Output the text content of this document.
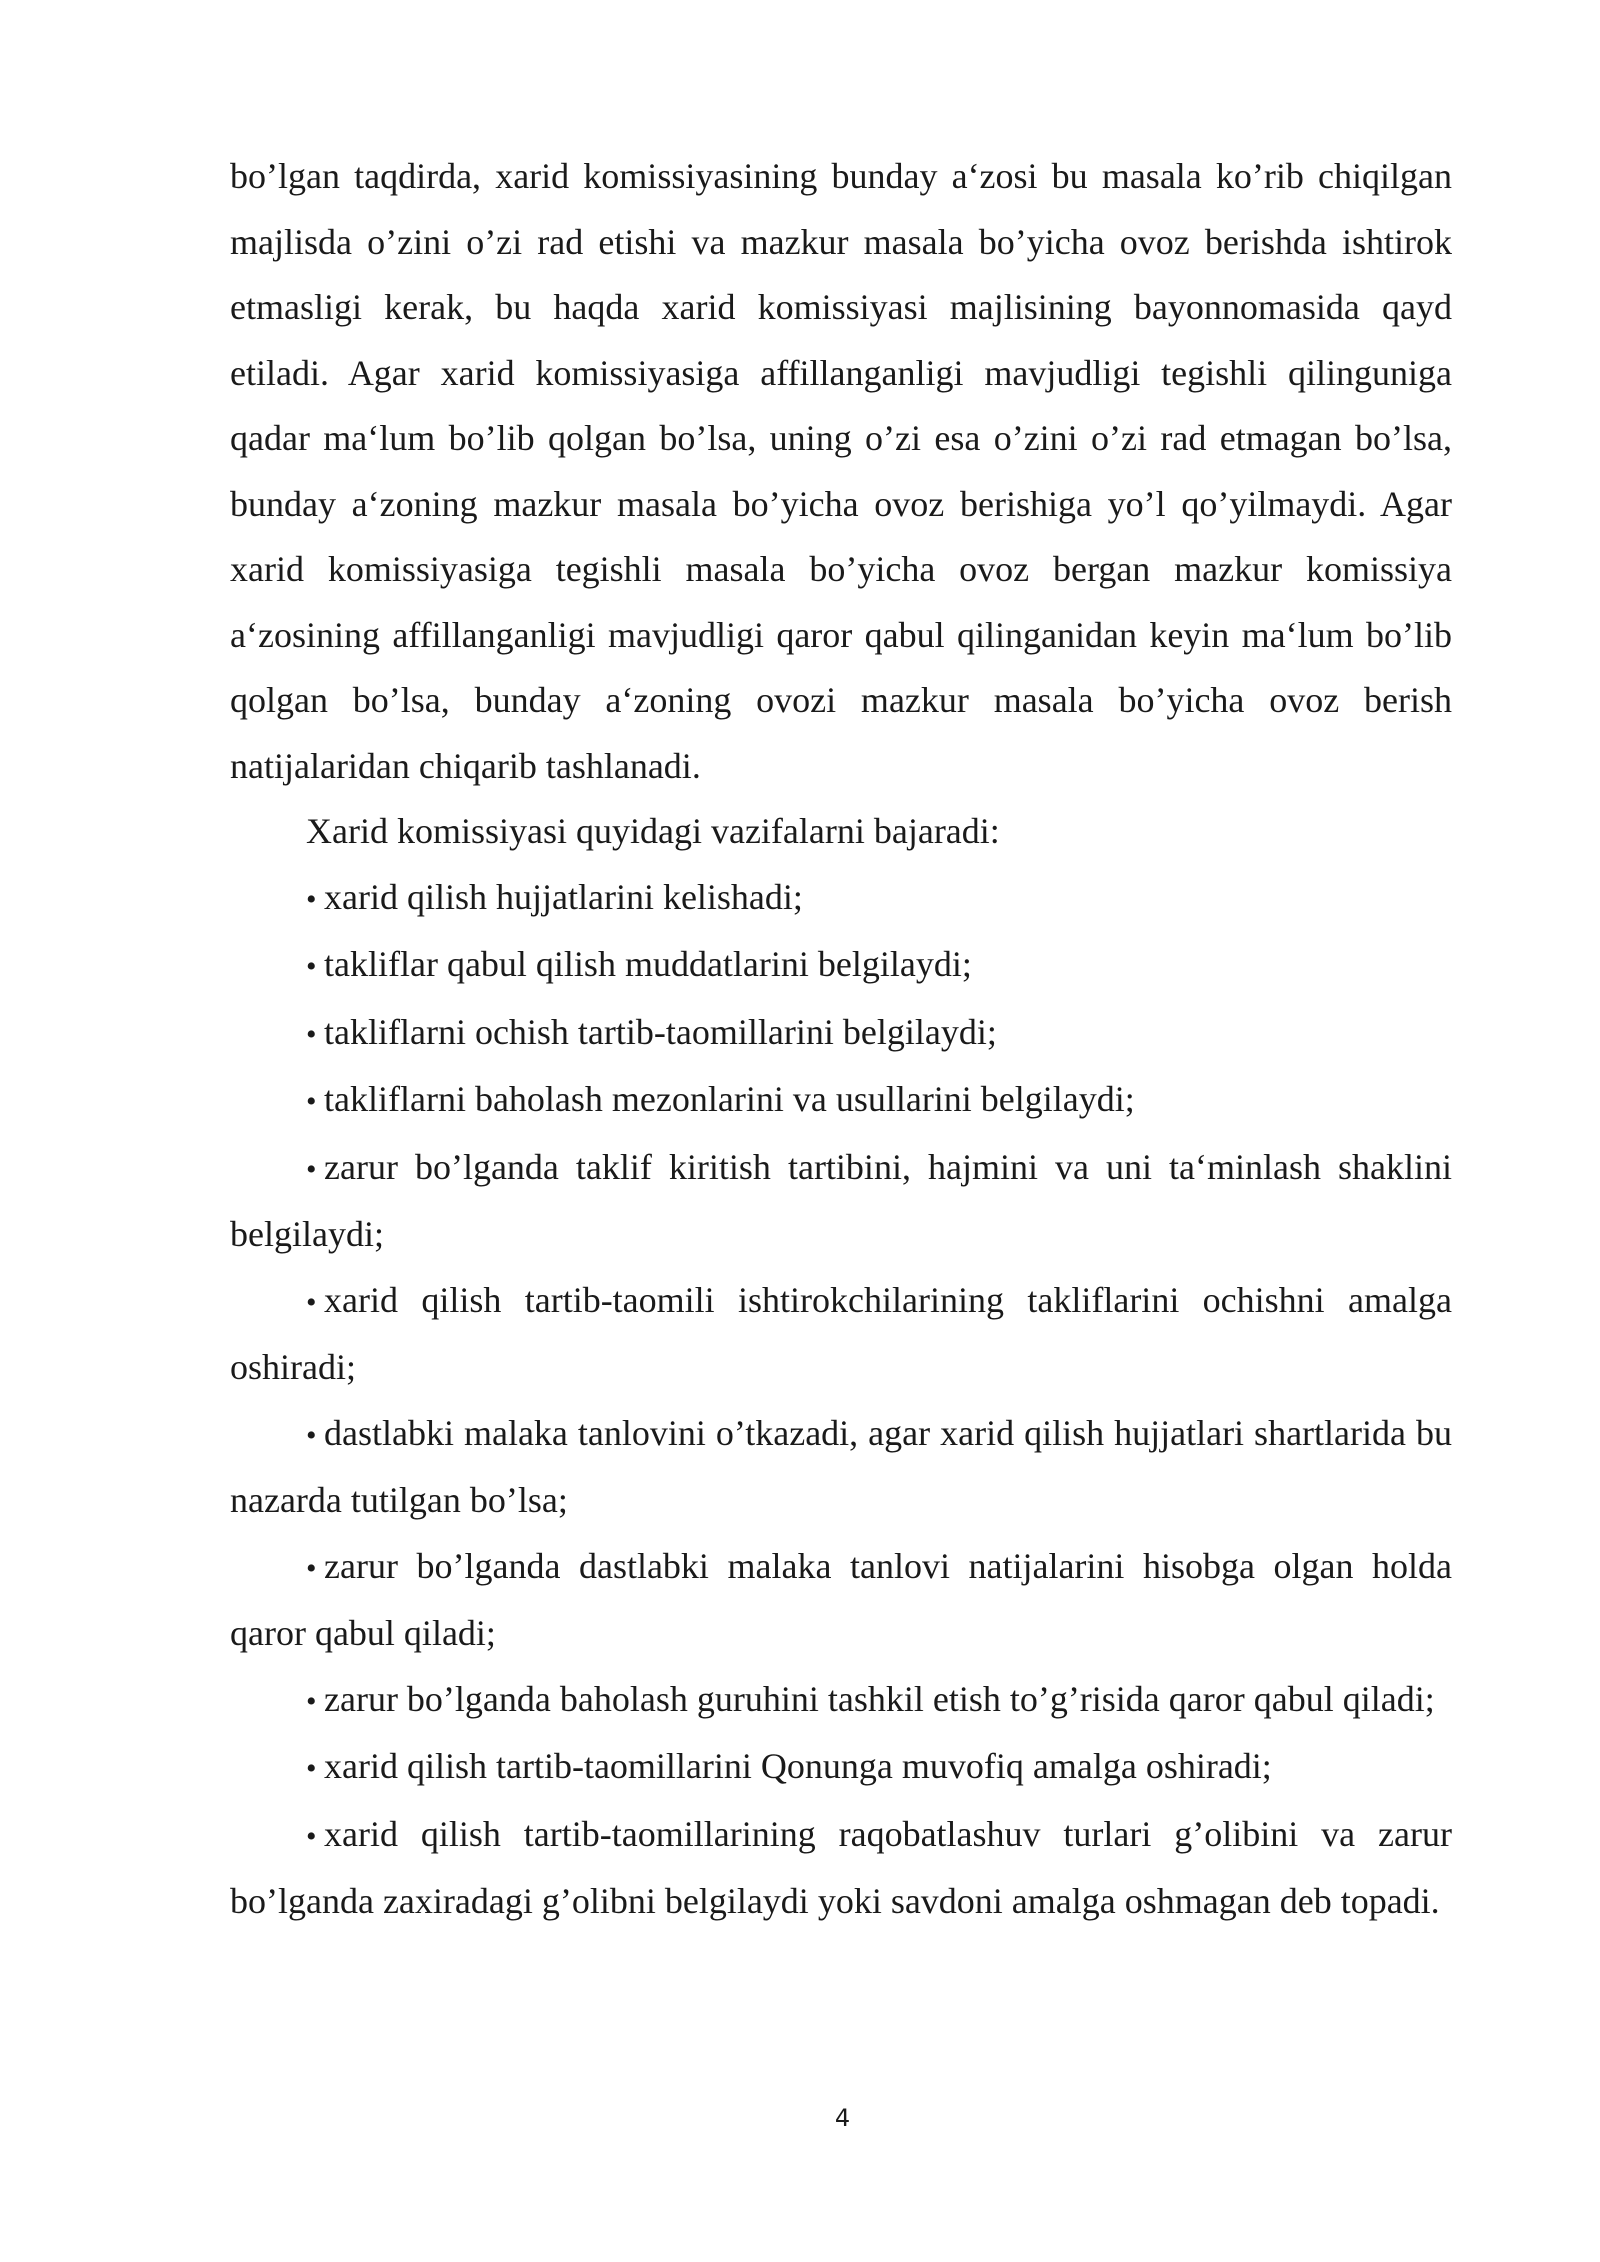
bo’lgan taqdirda, xarid komissiyasining bunday a‘zosi bu masala ko’rib chiqilgan majlisda o’zini o’zi rad etishi va mazkur masala bo’yicha ovoz berishda ishtirok etmasligi kerak, bu haqda xarid komissiyasi majlisining bayonnomasida qayd etiladi. Agar xarid komissiyasiga affillanganligi mavjudligi tegishli qilinguniga qadar ma‘lum bo’lib qolgan bo’lsa, uning o’zi esa o’zini o’zi rad etmagan bo’lsa, bunday a‘zoning mazkur masala bo’yicha ovoz berishiga yo’l qo’yilmaydi. Agar xarid komissiyasiga tegishli masala bo’yicha ovoz bergan mazkur komissiya a‘zosining affillanganligi mavjudligi qaror qabul qilinganidan keyin ma‘lum bo’lib qolgan bo’lsa, bunday a‘zoning ovozi mazkur masala bo’yicha ovoz berish natijalaridan chiqarib tashlanadi.

Xarid komissiyasi quyidagi vazifalarni bajaradi:

• xarid qilish hujjatlarini kelishadi;

• takliflar qabul qilish muddatlarini belgilaydi;

• takliflarni ochish tartib-taomillarini belgilaydi;

• takliflarni baholash mezonlarini va usullarini belgilaydi;

• zarur bo’lganda taklif kiritish tartibini, hajmini va uni ta‘minlash shaklini belgilaydi;

• xarid qilish tartib-taomili ishtirokchilarining takliflarini ochishni amalga oshiradi;

• dastlabki malaka tanlovini o’tkazadi, agar xarid qilish hujjatlari shartlarida bu nazarda tutilgan bo’lsa;

• zarur bo’lganda dastlabki malaka tanlovi natijalarini hisobga olgan holda qaror qabul qiladi;

• zarur bo’lganda baholash guruhini tashkil etish to’g’risida qaror qabul qiladi;

• xarid qilish tartib-taomillarini Qonunga muvofiq amalga oshiradi;

• xarid qilish tartib-taomillarining raqobatlashuv turlari g’olibini va zarur bo’lganda zaxiradagi g’olibni belgilaydi yoki savdoni amalga oshmagan deb topadi.

4
